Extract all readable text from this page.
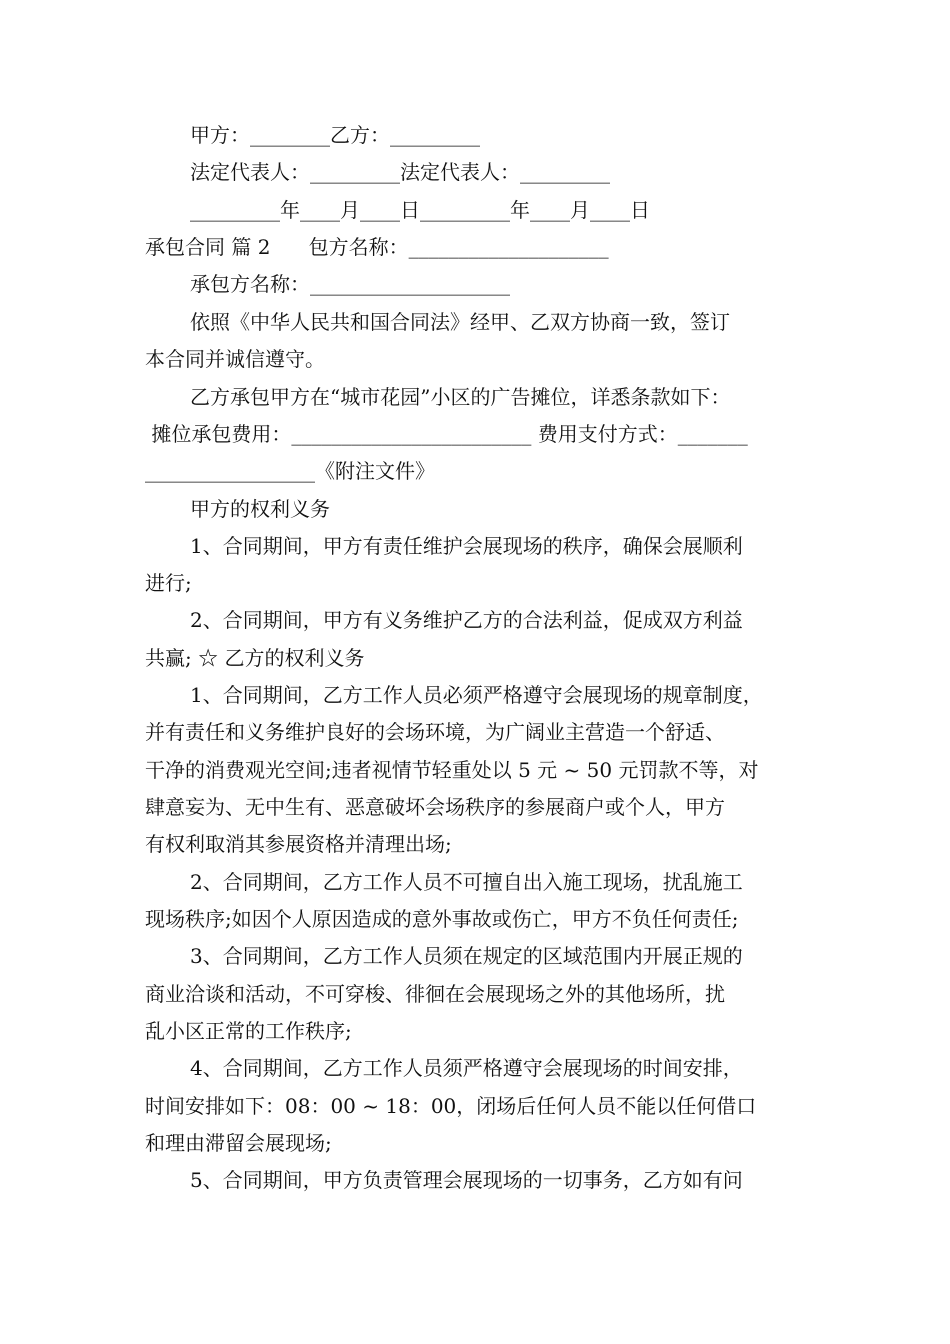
甲方：________乙方：_________
法定代表人：_________法定代表人：_________
_________年____月____日_________年____月____日
承包合同 篇 2      包方名称：____________________
承包方名称：____________________
依照《中华人民共和国合同法》经甲、乙双方协商一致，签订
本合同并诚信遵守。
乙方承包甲方在“城市花园”小区的广告摊位，详悉条款如下：
摊位承包费用：________________________ 费用支付方式：_______
_________________《附注文件》
甲方的权利义务
1、合同期间，甲方有责任维护会展现场的秩序，确保会展顺利
进行;
2、合同期间，甲方有义务维护乙方的合法利益，促成双方利益
共赢; ☆ 乙方的权利义务
1、合同期间，乙方工作人员必须严格遵守会展现场的规章制度，
并有责任和义务维护良好的会场环境，为广阔业主营造一个舒适、
干净的消费观光空间;违者视情节轻重处以 5 元 ~ 50 元罚款不等，对
肆意妄为、无中生有、恶意破坏会场秩序的参展商户或个人，甲方
有权利取消其参展资格并清理出场;
2、合同期间，乙方工作人员不可擅自出入施工现场，扰乱施工
现场秩序;如因个人原因造成的意外事故或伤亡，甲方不负任何责任;
3、合同期间，乙方工作人员须在规定的区域范围内开展正规的
商业洽谈和活动，不可穿梭、徘徊在会展现场之外的其他场所，扰
乱小区正常的工作秩序;
4、合同期间，乙方工作人员须严格遵守会展现场的时间安排，
时间安排如下：08：00 ~ 18：00，闭场后任何人员不能以任何借口
和理由滞留会展现场;
5、合同期间，甲方负责管理会展现场的一切事务，乙方如有问
